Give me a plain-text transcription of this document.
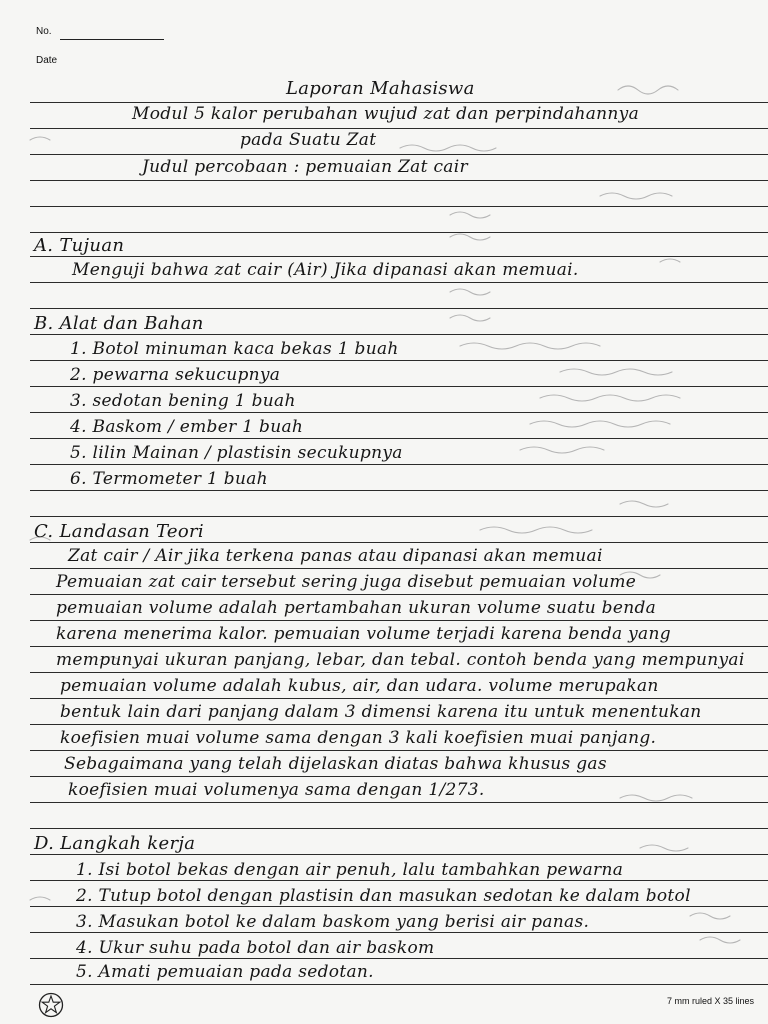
No.
Date
Laporan Mahasiswa
Modul 5 kalor perubahan wujud zat dan perpindahannya
pada Suatu Zat
Judul percobaan : pemuaian Zat cair
A. Tujuan
Menguji bahwa zat cair (Air) Jika dipanasi akan memuai.
B. Alat dan Bahan
1. Botol minuman kaca bekas 1 buah
2. pewarna sekucupnya
3. sedotan bening 1 buah
4. Baskom / ember 1 buah
5. lilin Mainan / plastisin secukupnya
6. Termometer 1 buah
C. Landasan Teori
Zat cair / Air jika terkena panas atau dipanasi akan memuai
Pemuaian zat cair tersebut sering juga disebut pemuaian volume
pemuaian volume adalah pertambahan ukuran volume suatu benda
karena menerima kalor. pemuaian volume terjadi karena benda yang
mempunyai ukuran panjang, lebar, dan tebal. contoh benda yang mempunyai
pemuaian volume adalah kubus, air, dan udara. volume merupakan
bentuk lain dari panjang dalam 3 dimensi karena itu untuk menentukan
koefisien muai volume sama dengan 3 kali koefisien muai panjang.
Sebagaimana yang telah dijelaskan diatas bahwa khusus gas
koefisien muai volumenya sama dengan 1/273.
D. Langkah kerja
1. Isi botol bekas dengan air penuh, lalu tambahkan pewarna
2. Tutup botol dengan plastisin dan masukan sedotan ke dalam botol
3. Masukan botol ke dalam baskom yang berisi air panas.
4. Ukur suhu pada botol dan air baskom
5. Amati pemuaian pada sedotan.
7 mm ruled X 35 lines
